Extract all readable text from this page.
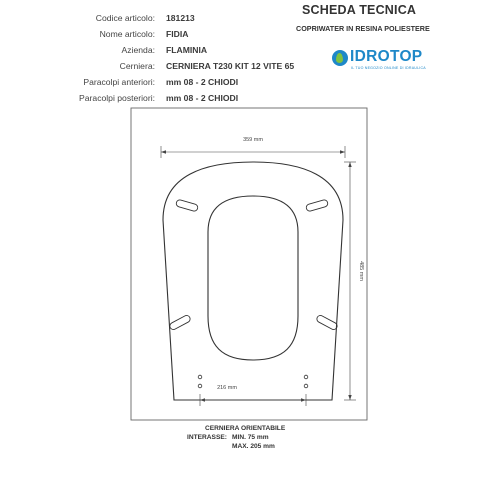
Codice articolo: 181213
Nome articolo: FIDIA
Azienda: FLAMINIA
Cerniera: CERNIERA T230 KIT 12 VITE 65
Paracolpi anteriori: mm 08 - 2 CHIODI
Paracolpi posteriori: mm 08 - 2 CHIODI
SCHEDA TECNICA
COPRIWATER IN RESINA POLIESTERE
IDROTOP
IL TUO NEGOZIO ONLINE DI IDRAULICA
359 mm
485 mm
216 mm
CERNIERA ORIENTABILE
INTERASSE: MIN. 75 mm
MAX. 205 mm
